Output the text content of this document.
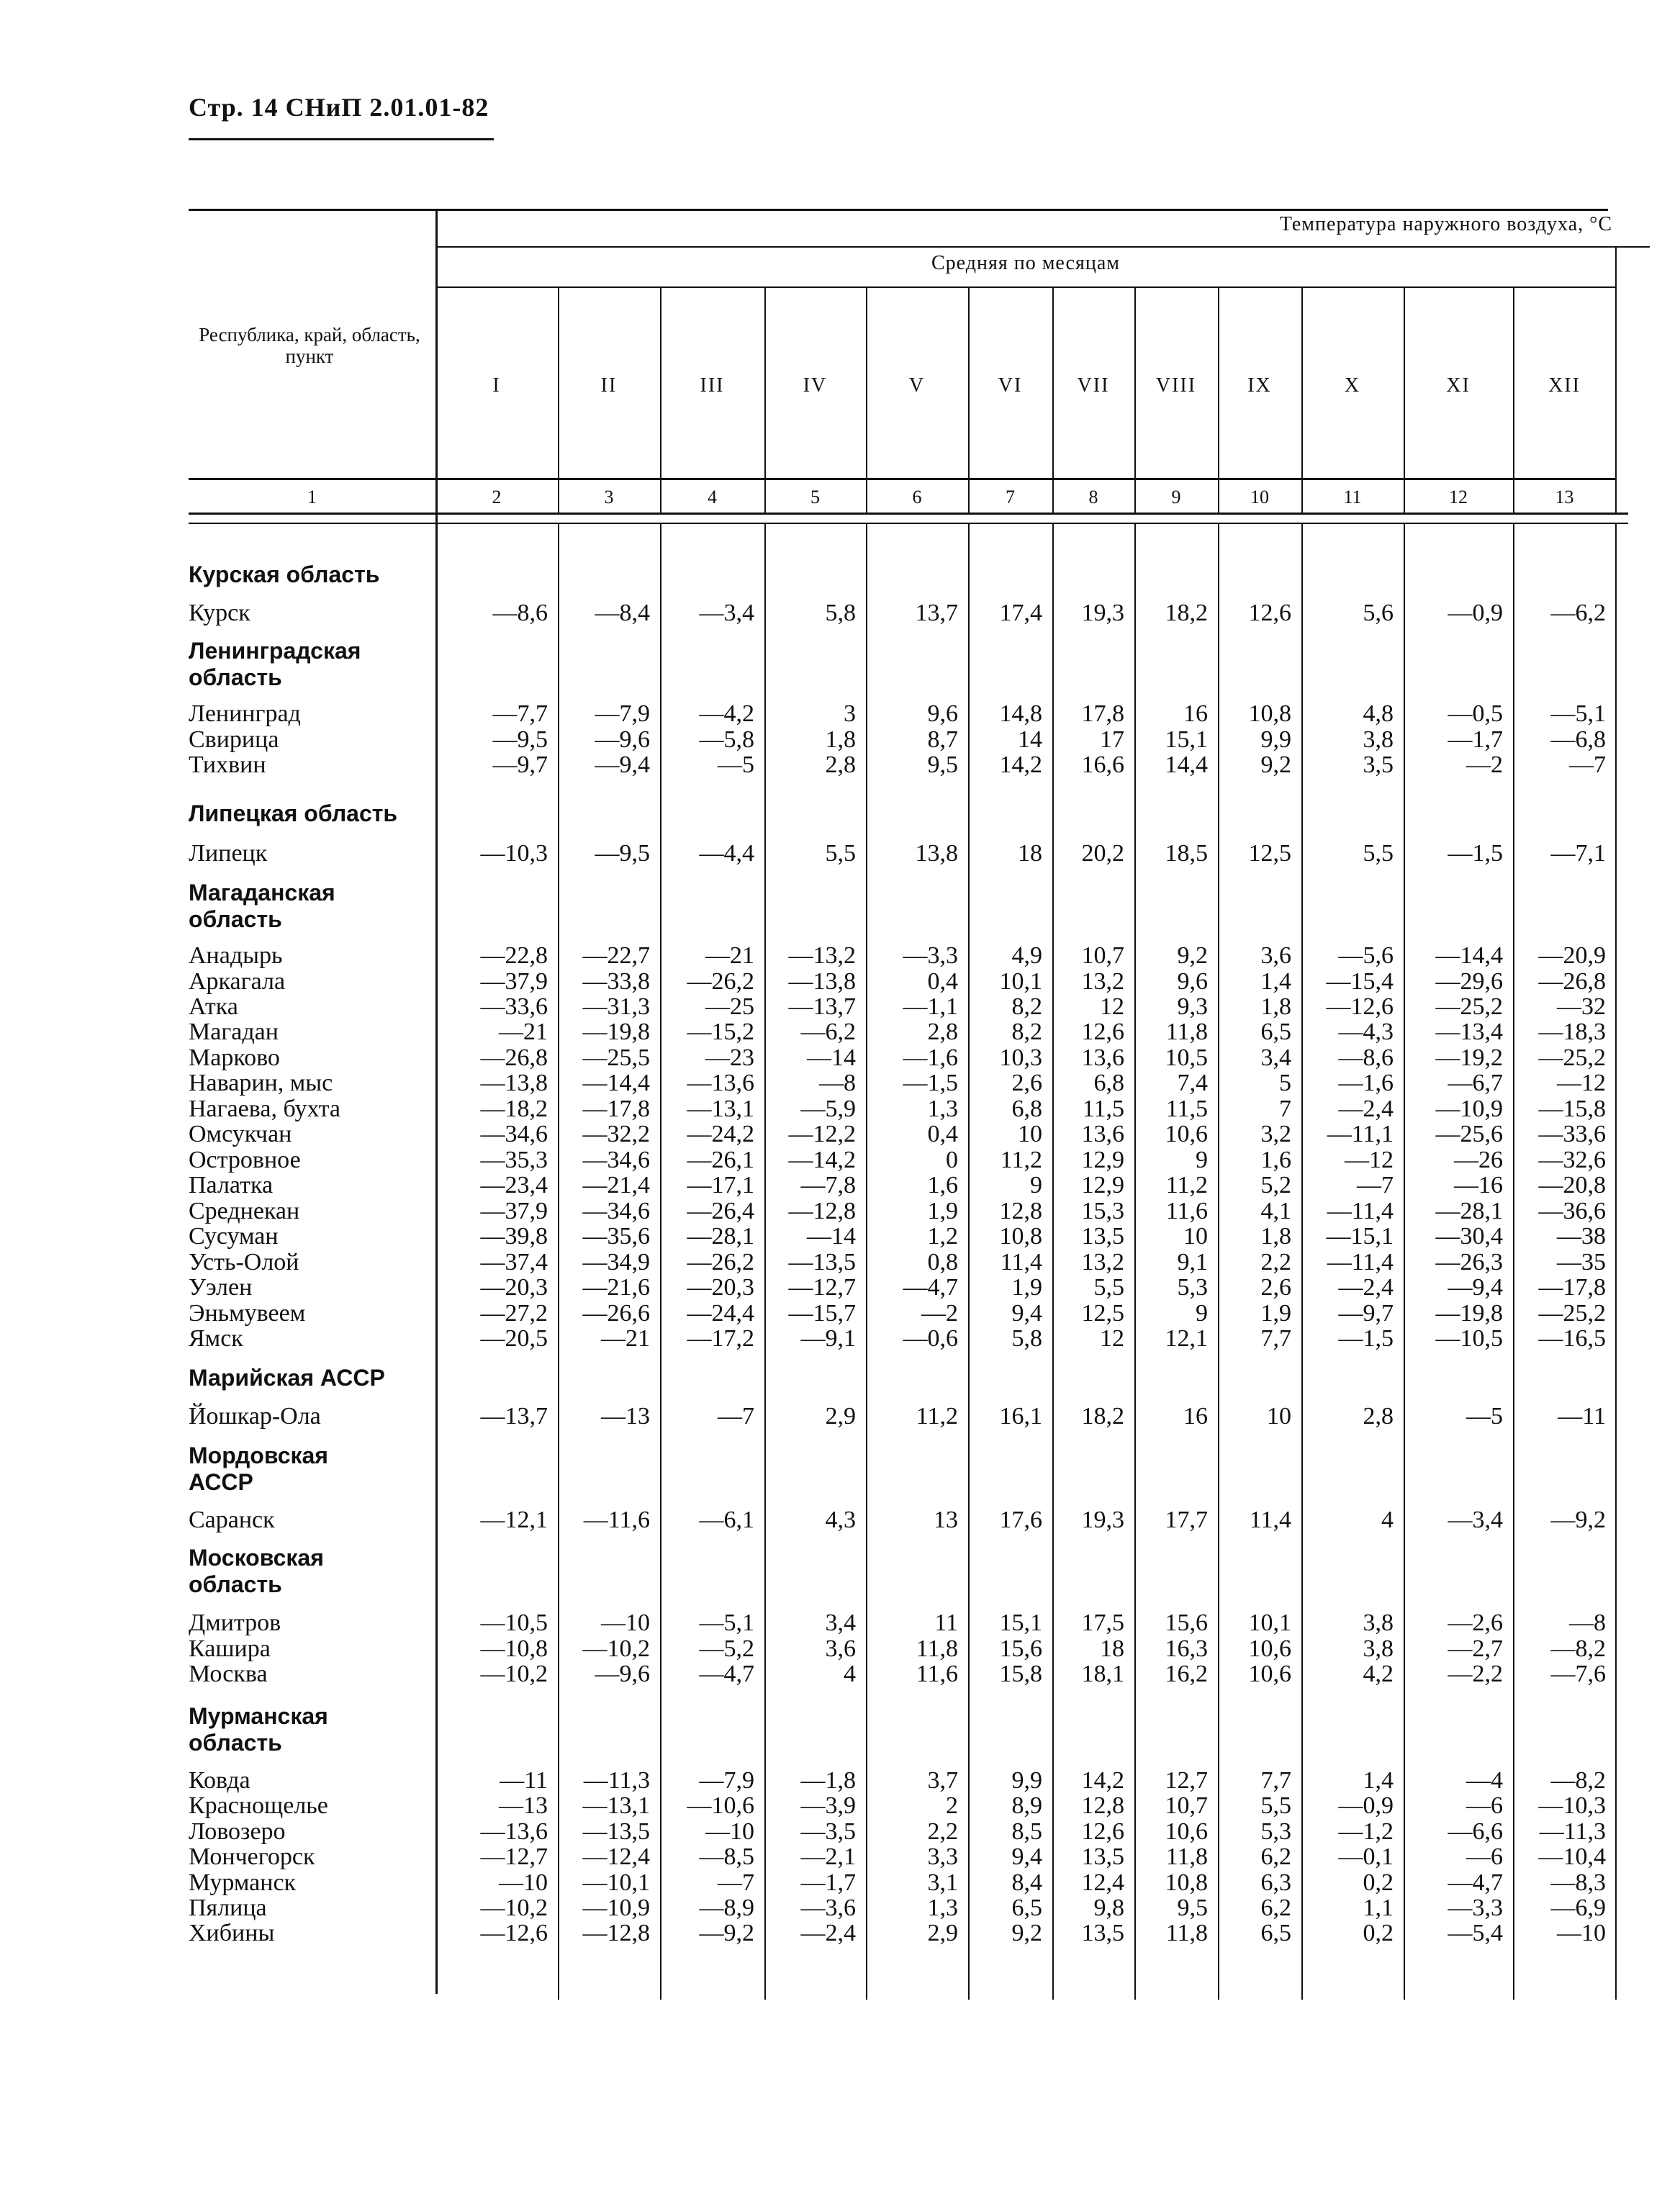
Стр. 14 СНиП 2.01.01-82
Республика, край, область, пункт
Температура наружного воздуха, °С
Средняя по месяцам
I	II	III	IV	V	VI	VII	VIII	IX	X	XI	XII
1	2	3	4	5	6	7	8	9	10	11	12	13
Курская область
Курск	—8,6	—8,4	—3,4	5,8	13,7	17,4	19,3	18,2	12,6	5,6	—0,9	—6,2
Ленинградская область
Ленинград	—7,7	—7,9	—4,2	3	9,6	14,8	17,8	16	10,8	4,8	—0,5	—5,1
Свирица	—9,5	—9,6	—5,8	1,8	8,7	14	17	15,1	9,9	3,8	—1,7	—6,8
Тихвин	—9,7	—9,4	—5	2,8	9,5	14,2	16,6	14,4	9,2	3,5	—2	—7
Липецкая область
Липецк	—10,3	—9,5	—4,4	5,5	13,8	18	20,2	18,5	12,5	5,5	—1,5	—7,1
Магаданская область
Анадырь	—22,8	—22,7	—21	—13,2	—3,3	4,9	10,7	9,2	3,6	—5,6	—14,4	—20,9
Аркагала	—37,9	—33,8	—26,2	—13,8	0,4	10,1	13,2	9,6	1,4	—15,4	—29,6	—26,8
Атка	—33,6	—31,3	—25	—13,7	—1,1	8,2	12	9,3	1,8	—12,6	—25,2	—32
Магадан	—21	—19,8	—15,2	—6,2	2,8	8,2	12,6	11,8	6,5	—4,3	—13,4	—18,3
Марково	—26,8	—25,5	—23	—14	—1,6	10,3	13,6	10,5	3,4	—8,6	—19,2	—25,2
Наварин, мыс	—13,8	—14,4	—13,6	—8	—1,5	2,6	6,8	7,4	5	—1,6	—6,7	—12
Нагаева, бухта	—18,2	—17,8	—13,1	—5,9	1,3	6,8	11,5	11,5	7	—2,4	—10,9	—15,8
Омсукчан	—34,6	—32,2	—24,2	—12,2	0,4	10	13,6	10,6	3,2	—11,1	—25,6	—33,6
Островное	—35,3	—34,6	—26,1	—14,2	0	11,2	12,9	9	1,6	—12	—26	—32,6
Палатка	—23,4	—21,4	—17,1	—7,8	1,6	9	12,9	11,2	5,2	—7	—16	—20,8
Среднекан	—37,9	—34,6	—26,4	—12,8	1,9	12,8	15,3	11,6	4,1	—11,4	—28,1	—36,6
Сусуман	—39,8	—35,6	—28,1	—14	1,2	10,8	13,5	10	1,8	—15,1	—30,4	—38
Усть-Олой	—37,4	—34,9	—26,2	—13,5	0,8	11,4	13,2	9,1	2,2	—11,4	—26,3	—35
Уэлен	—20,3	—21,6	—20,3	—12,7	—4,7	1,9	5,5	5,3	2,6	—2,4	—9,4	—17,8
Эньмувеем	—27,2	—26,6	—24,4	—15,7	—2	9,4	12,5	9	1,9	—9,7	—19,8	—25,2
Ямск	—20,5	—21	—17,2	—9,1	—0,6	5,8	12	12,1	7,7	—1,5	—10,5	—16,5
Марийская АССР
Йошкар-Ола	—13,7	—13	—7	2,9	11,2	16,1	18,2	16	10	2,8	—5	—11
Мордовская АССР
Саранск	—12,1	—11,6	—6,1	4,3	13	17,6	19,3	17,7	11,4	4	—3,4	—9,2
Московская область
Дмитров	—10,5	—10	—5,1	3,4	11	15,1	17,5	15,6	10,1	3,8	—2,6	—8
Кашира	—10,8	—10,2	—5,2	3,6	11,8	15,6	18	16,3	10,6	3,8	—2,7	—8,2
Москва	—10,2	—9,6	—4,7	4	11,6	15,8	18,1	16,2	10,6	4,2	—2,2	—7,6
Мурманская область
Ковда	—11	—11,3	—7,9	—1,8	3,7	9,9	14,2	12,7	7,7	1,4	—4	—8,2
Краснощелье	—13	—13,1	—10,6	—3,9	2	8,9	12,8	10,7	5,5	—0,9	—6	—10,3
Ловозеро	—13,6	—13,5	—10	—3,5	2,2	8,5	12,6	10,6	5,3	—1,2	—6,6	—11,3
Мончегорск	—12,7	—12,4	—8,5	—2,1	3,3	9,4	13,5	11,8	6,2	—0,1	—6	—10,4
Мурманск	—10	—10,1	—7	—1,7	3,1	8,4	12,4	10,8	6,3	0,2	—4,7	—8,3
Пялица	—10,2	—10,9	—8,9	—3,6	1,3	6,5	9,8	9,5	6,2	1,1	—3,3	—6,9
Хибины	—12,6	—12,8	—9,2	—2,4	2,9	9,2	13,5	11,8	6,5	0,2	—5,4	—10
